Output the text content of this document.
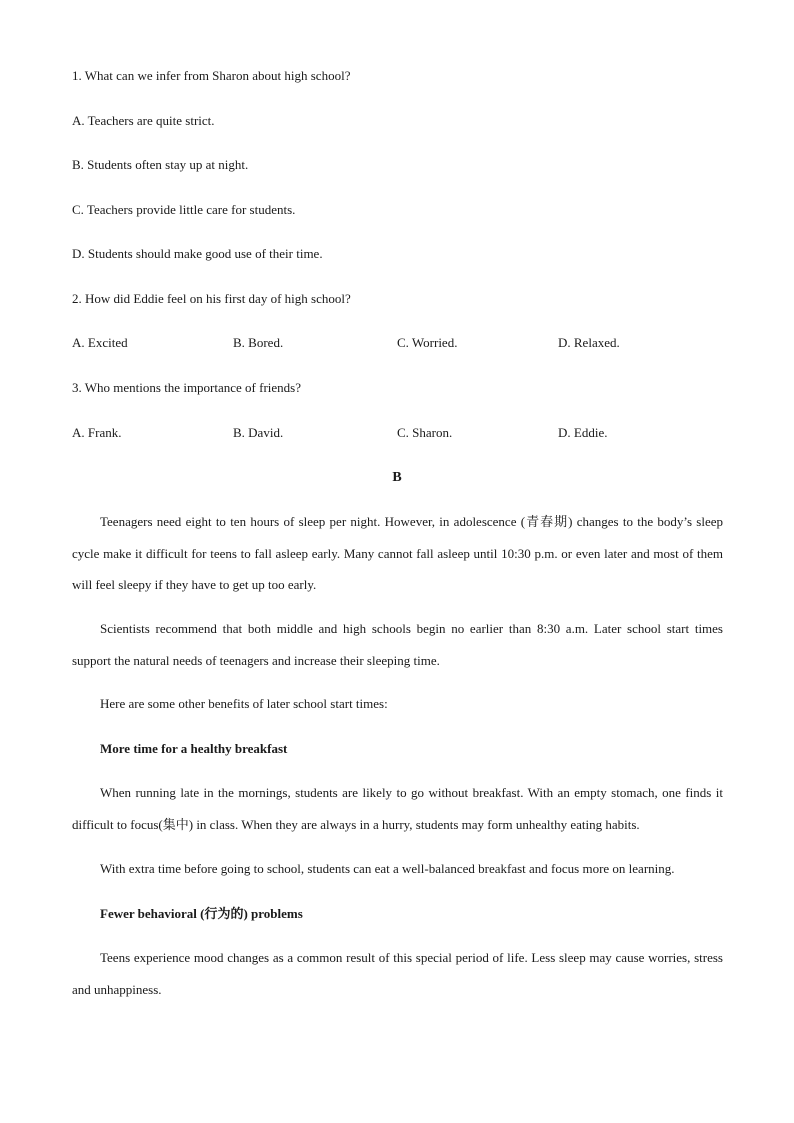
1. What can we infer from Sharon about high school?
A. Teachers are quite strict.
B. Students often stay up at night.
C. Teachers provide little care for students.
D. Students should make good use of their time.
2. How did Eddie feel on his first day of high school?
A. Excited	B. Bored.	C. Worried.	D. Relaxed.
3. Who mentions the importance of friends?
A. Frank.	B. David.	C. Sharon.	D. Eddie.
B

Teenagers need eight to ten hours of sleep per night. However, in adolescence (青春期) changes to the body’s sleep cycle make it difficult for teens to fall asleep early. Many cannot fall asleep until 10:30 p.m. or even later and most of them will feel sleepy if they have to get up too early.

Scientists recommend that both middle and high schools begin no earlier than 8:30 a.m. Later school start times support the natural needs of teenagers and increase their sleeping time.

Here are some other benefits of later school start times:

More time for a healthy breakfast

When running late in the mornings, students are likely to go without breakfast. With an empty stomach, one finds it difficult to focus(集中) in class. When they are always in a hurry, students may form unhealthy eating habits.

With extra time before going to school, students can eat a well-balanced breakfast and focus more on learning.

Fewer behavioral (行为的) problems

Teens experience mood changes as a common result of this special period of life. Less sleep may cause worries, stress and unhappiness.
